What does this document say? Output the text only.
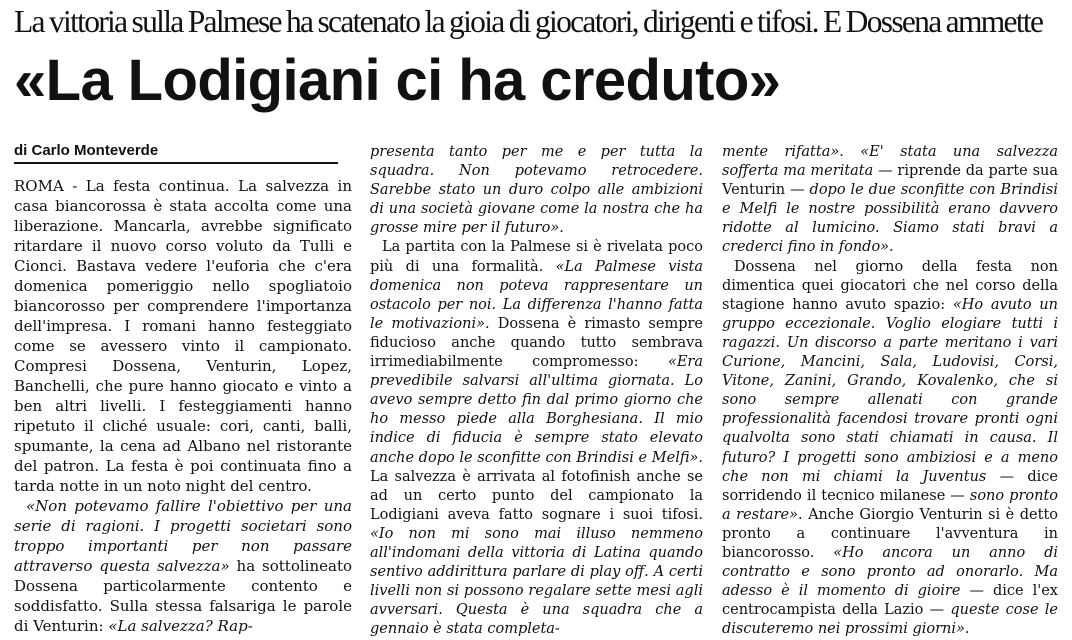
La vittoria sulla Palmese ha scatenato la gioia di giocatori, dirigenti e tifosi. E Dossena ammette
«La Lodigiani ci ha creduto»
di Carlo Monteverde

ROMA - La festa continua. La salvezza in casa biancorossa è stata accolta come una liberazione. Mancarla, avrebbe significato ritardare il nuovo corso voluto da Tulli e Cionci. Bastava vedere l'euforia che c'era domenica pomeriggio nello spogliatoio biancorosso per comprendere l'importanza dell'impresa. I romani hanno festeggiato come se avessero vinto il campionato. Compresi Dossena, Venturin, Lopez, Banchelli, che pure hanno giocato e vinto a ben altri livelli. I festeggiamenti hanno ripetuto il cliché usuale: cori, canti, balli, spumante, la cena ad Albano nel ristorante del patron. La festa è poi continuata fino a tarda notte in un noto night del centro.

«Non potevamo fallire l'obiettivo per una serie di ragioni. I progetti societari sono troppo importanti per non passare attraverso questa salvezza» ha sottolineato Dossena particolarmente contento e soddisfatto. Sulla stessa falsariga le parole di Venturin: «La salvezza? Rap-

presenta tanto per me e per tutta la squadra. Non potevamo retrocedere. Sarebbe stato un duro colpo alle ambizioni di una società giovane come la nostra che ha grosse mire per il futuro».

La partita con la Palmese si è rivelata poco più di una formalità. «La Palmese vista domenica non poteva rappresentare un ostacolo per noi. La differenza l'hanno fatta le motivazioni». Dossena è rimasto sempre fiducioso anche quando tutto sembrava irrimediabilmente compromesso: «Era prevedibile salvarsi all'ultima giornata. Lo avevo sempre detto fin dal primo giorno che ho messo piede alla Borghesiana. Il mio indice di fiducia è sempre stato elevato anche dopo le sconfitte con Brindisi e Melfi». La salvezza è arrivata al fotofinish anche se ad un certo punto del campionato la Lodigiani aveva fatto sognare i suoi tifosi. «Io non mi sono mai illuso nemmeno all'indomani della vittoria di Latina quando sentivo addirittura parlare di play off. A certi livelli non si possono regalare sette mesi agli avversari. Questa è una squadra che a gennaio è stata completa-

mente rifatta». «E' stata una salvezza sofferta ma meritata — riprende da parte sua Venturin — dopo le due sconfitte con Brindisi e Melfi le nostre possibilità erano davvero ridotte al lumicino. Siamo stati bravi a crederci fino in fondo».

Dossena nel giorno della festa non dimentica quei giocatori che nel corso della stagione hanno avuto spazio: «Ho avuto un gruppo eccezionale. Voglio elogiare tutti i ragazzi. Un discorso a parte meritano i vari Curione, Mancini, Sala, Ludovisi, Corsi, Vitone, Zanini, Grando, Kovalenko, che si sono sempre allenati con grande professionalità facendosi trovare pronti ogni qualvolta sono stati chiamati in causa. Il futuro? I progetti sono ambiziosi e a meno che non mi chiami la Juventus — dice sorridendo il tecnico milanese — sono pronto a restare». Anche Giorgio Venturin si è detto pronto a continuare l'avventura in biancorosso. «Ho ancora un anno di contratto e sono pronto ad onorarlo. Ma adesso è il momento di gioire — dice l'ex centrocampista della Lazio — queste cose le discuteremo nei prossimi giorni».
